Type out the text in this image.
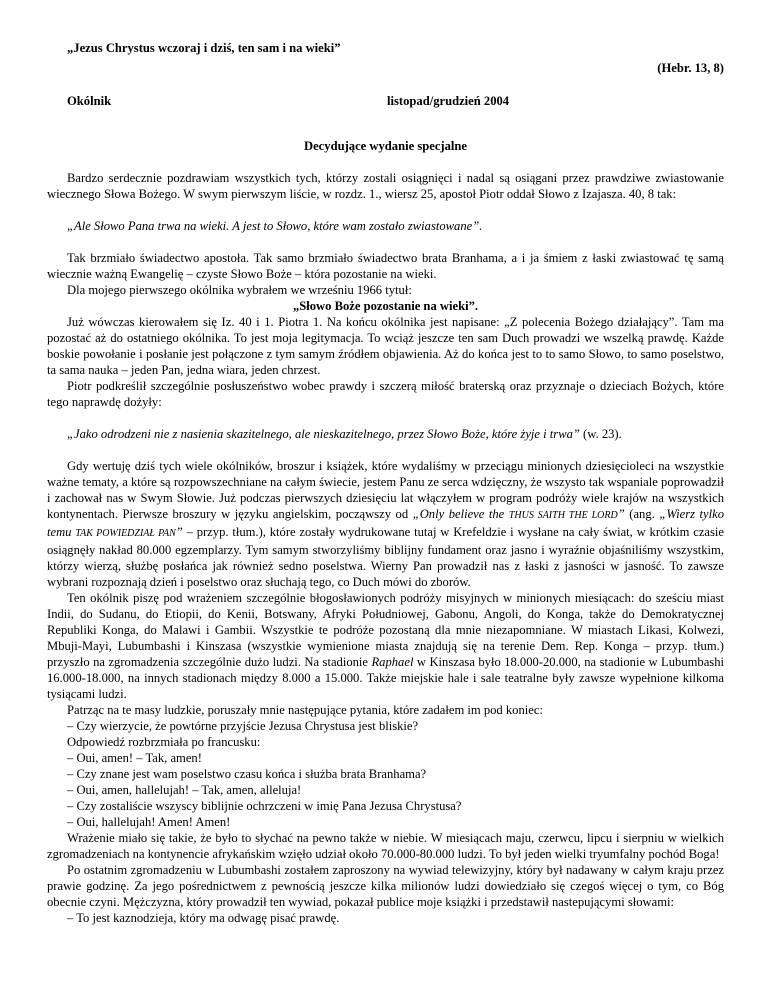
„Jezus Chrystus wczoraj i dziś, ten sam i na wieki”
(Hebr. 13, 8)
Okólnik	listopad/grudzień 2004
Decydujące wydanie specjalne

Bardzo serdecznie pozdrawiam wszystkich tych, którzy zostali osiągnięci i nadal są osiągani przez prawdziwe zwiastowanie wiecznego Słowa Bożego. W swym pierwszym liście, w rozdz. 1., wiersz 25, apostoł Piotr oddał Słowo z Izajasza. 40, 8 tak:

„Ale Słowo Pana trwa na wieki. A jest to Słowo, które wam zostało zwiastowane”.

Tak brzmiało świadectwo apostoła. Tak samo brzmiało świadectwo brata Branhama, a i ja śmiem z łaski zwiastować tę samą wiecznie ważną Ewangelię – czyste Słowo Boże – która pozostanie na wieki.

Dla mojego pierwszego okólnika wybrałem we wrześniu 1966 tytuł:

„Słowo Boże pozostanie na wieki”.

Już wówczas kierowałem się Iz. 40 i 1. Piotra 1. Na końcu okólnika jest napisane: „Z polecenia Bożego działający”. Tam ma pozostać aż do ostatniego okólnika. To jest moja legitymacja. To wciąż jeszcze ten sam Duch prowadzi we wszelką prawdę. Każde boskie powołanie i posłanie jest połączone z tym samym źródłem objawienia. Aż do końca jest to to samo Słowo, to samo poselstwo, ta sama nauka – jeden Pan, jedna wiara, jeden chrzest.

Piotr podkreślił szczególnie posłuszeństwo wobec prawdy i szczerą miłość braterską oraz przyznaje o dzieciach Bożych, które tego naprawdę dożyły:

„Jako odrodzeni nie z nasienia skazitelnego, ale nieskazitelnego, przez Słowo Boże, które żyje i trwa” (w. 23).

Gdy wertuję dziś tych wiele okólników, broszur i książek, które wydaliśmy w przeciągu minionych dziesięcioleci na wszystkie ważne tematy, a które są rozpowszechniane na całym świecie, jestem Panu ze serca wdzięczny, że wszysto tak wspaniale poprowadził i zachował nas w Swym Słowie. Już podczas pierwszych dziesięciu lat włączyłem w program podróży wiele krajów na wszystkich kontynentach. Pierwsze broszury w języku angielskim, począwszy od „Only believe the THUS SAITH THE LORD” (ang. „Wierz tylko temu TAK POWIEDZIAŁ PAN” – przyp. tłum.), które zostały wydrukowane tutaj w Krefeldzie i wysłane na cały świat, w krótkim czasie osiągnęły nakład 80.000 egzemplarzy. Tym samym stworzyliśmy biblijny fundament oraz jasno i wyraźnie objaśniliśmy wszystkim, którzy wierzą, służbę posłańca jak również sedno poselstwa. Wierny Pan prowadził nas z łaski z jasności w jasność. To zawsze wybrani rozpoznają dzień i poselstwo oraz słuchają tego, co Duch mówi do zborów.

Ten okólnik piszę pod wrażeniem szczególnie błogosławionych podróży misyjnych w minionych miesiącach: do sześciu miast Indii, do Sudanu, do Etiopii, do Kenii, Botswany, Afryki Południowej, Gabonu, Angoli, do Konga, także do Demokratycznej Republiki Konga, do Malawi i Gambii. Wszystkie te podróże pozostaną dla mnie niezapomniane. W miastach Likasi, Kolwezi, Mbuji-Mayi, Lubumbashi i Kinszasa (wszystkie wymienione miasta znajdują się na terenie Dem. Rep. Konga – przyp. tłum.) przyszło na zgromadzenia szczególnie dużo ludzi. Na stadionie Raphael w Kinszasa było 18.000-20.000, na stadionie w Lubumbashi 16.000-18.000, na innych stadionach między 8.000 a 15.000. Także miejskie hale i sale teatralne były zawsze wypełnione kilkoma tysiącami ludzi.

Patrząc na te masy ludzkie, poruszały mnie następujące pytania, które zadałem im pod koniec:

– Czy wierzycie, że powtórne przyjście Jezusa Chrystusa jest bliskie?

Odpowiedź rozbrzmiała po francusku:

– Oui, amen! – Tak, amen!

– Czy znane jest wam poselstwo czasu końca i służba brata Branhama?

– Oui, amen, hallelujah! – Tak, amen, alleluja!

– Czy zostaliście wszyscy biblijnie ochrzczeni w imię Pana Jezusa Chrystusa?

– Oui, hallelujah! Amen! Amen!

Wrażenie miało się takie, że było to słychać na pewno także w niebie. W miesiącach maju, czerwcu, lipcu i sierpniu w wielkich zgromadzeniach na kontynencie afrykańskim wzięło udział około 70.000-80.000 ludzi. To był jeden wielki tryumfalny pochód Boga!

Po ostatnim zgromadzeniu w Lubumbashi zostałem zaproszony na wywiad telewizyjny, który był nadawany w całym kraju przez prawie godzinę. Za jego pośrednictwem z pewnością jeszcze kilka milionów ludzi dowiedziało się czegoś więcej o tym, co Bóg obecnie czyni. Mężczyzna, który prowadził ten wywiad, pokazał publice moje książki i przedstawił nastepującymi słowami:

– To jest kaznodzieja, który ma odwagę pisać prawdę.
